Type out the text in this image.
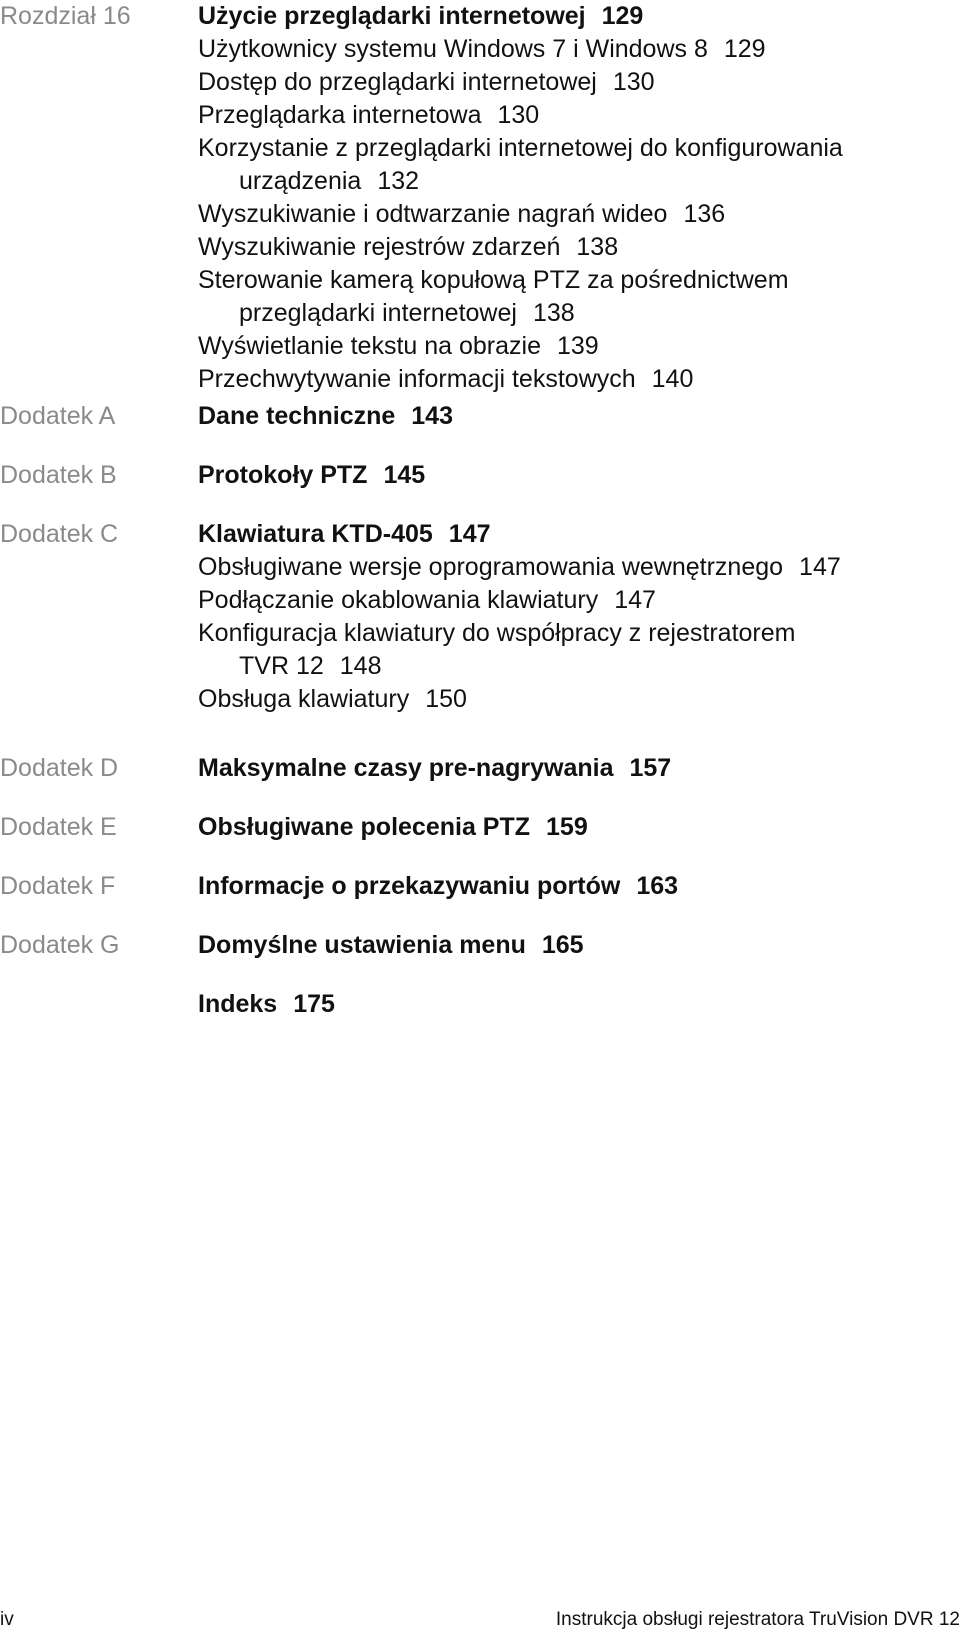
Rozdział 16	Użycie przeglądarki internetowej 129
Użytkownicy systemu Windows 7 i Windows 8 129
Dostęp do przeglądarki internetowej 130
Przeglądarka internetowa 130
Korzystanie z przeglądarki internetowej do konfigurowania
urządzenia 132
Wyszukiwanie i odtwarzanie nagrań wideo 136
Wyszukiwanie rejestrów zdarzeń 138
Sterowanie kamerą kopułową PTZ za pośrednictwem
przeglądarki internetowej 138
Wyświetlanie tekstu na obrazie 139
Przechwytywanie informacji tekstowych 140
Dodatek A	Dane techniczne 143
Dodatek B	Protokoły PTZ 145
Dodatek C	Klawiatura KTD-405 147
Obsługiwane wersje oprogramowania wewnętrznego 147
Podłączanie okablowania klawiatury 147
Konfiguracja klawiatury do współpracy z rejestratorem
TVR 12 148
Obsługa klawiatury 150
Dodatek D	Maksymalne czasy pre-nagrywania 157
Dodatek E	Obsługiwane polecenia PTZ 159
Dodatek F	Informacje o przekazywaniu portów 163
Dodatek G	Domyślne ustawienia menu 165
Indeks 175
iv	Instrukcja obsługi rejestratora TruVision DVR 12
